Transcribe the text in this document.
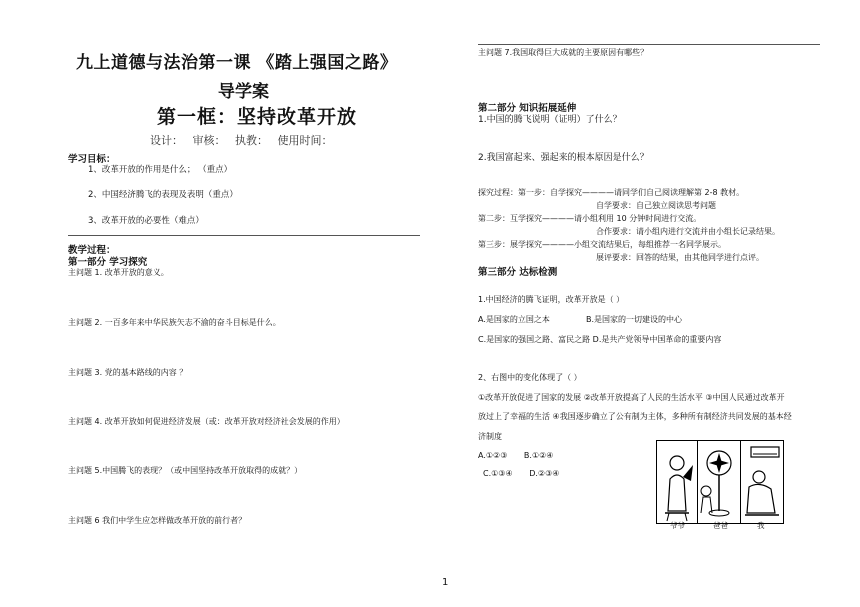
九上道德与法治第一课 《踏上强国之路》
导学案
第一框：坚持改革开放
设计： 审核： 执教： 使用时间：
学习目标：
1、改革开放的作用是什么； （重点）
2、中国经济腾飞的表现及表明（重点）
3、改革开放的必要性（难点）
教学过程：
第一部分 学习探究
主问题 1. 改革开放的意义。
主问题 2. 一百多年来中华民族矢志不渝的奋斗目标是什么。
主问题 3. 党的基本路线的内容 ？
主问题 4. 改革开放如何促进经济发展（或：改革开放对经济社会发展的作用）
主问题 5.中国腾飞的表现？（或中国坚持改革开放取得的成就？）
主问题 6 我们中学生应怎样做改革开放的前行者？
主问题 7.我国取得巨大成就的主要原因有哪些？
第二部分 知识拓展延伸
1.中国的腾飞说明（证明）了什么？
2.我国富起来、强起来的根本原因是什么？
探究过程：第一步：自学探究————请同学们自己阅读理解第 2-8 教材。
自学要求：自己独立阅读思考问题
第二步：互学探究————请小组利用 10 分钟时间进行交流。
合作要求：请小组内进行交流并由小组长记录结果。
第三步：展学探究————小组交流结果后，每组推荐一名同学展示。
展评要求：回答的结果，由其他同学进行点评。
第三部分 达标检测
1.中国经济的腾飞证明，改革开放是（ ）
A.是国家的立国之本	B.是国家的一切建设的中心
C.是国家的强国之路、富民之路 D.是共产党领导中国革命的重要内容
2、右图中的变化体现了（ ）
①改革开放促进了国家的发展 ②改革开放提高了人民的生活水平 ③中国人民通过改革开
放过上了幸福的生活 ④我国逐步确立了公有制为主体，多种所有制经济共同发展的基本经
济制度
A.①②③ B.①②④
C.①③④ D.②③④
爷爷	爸爸	我
1
